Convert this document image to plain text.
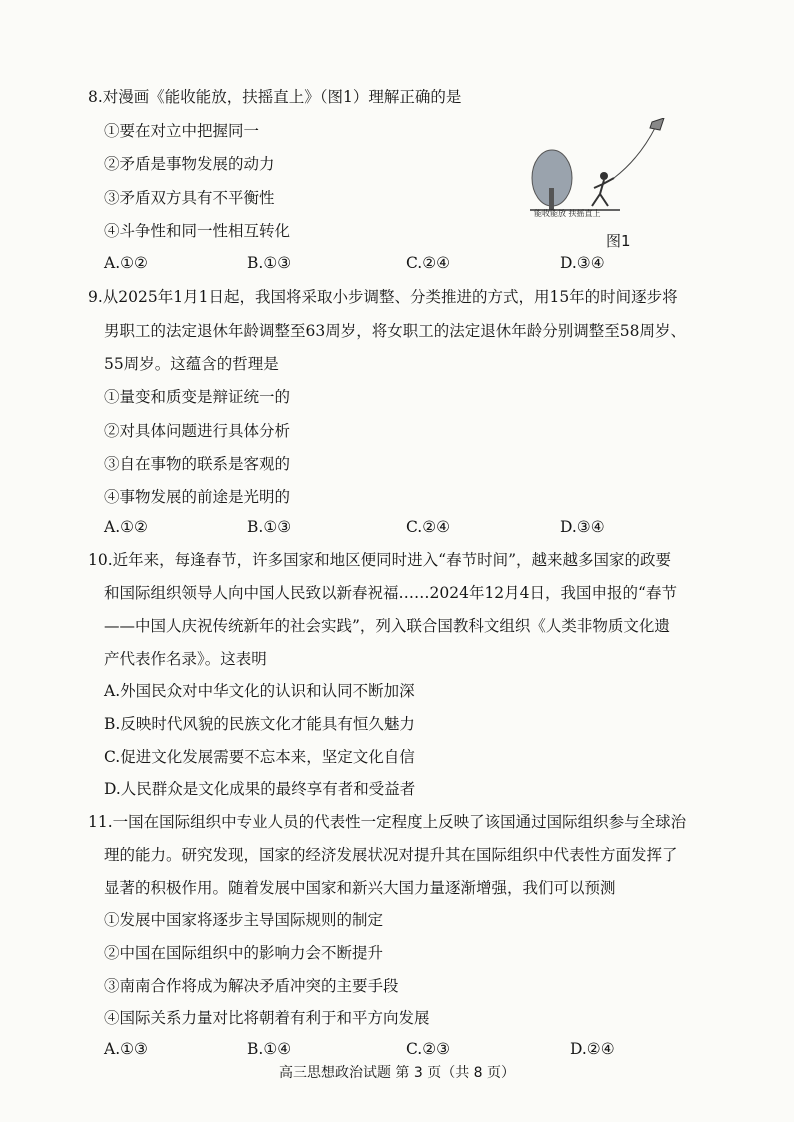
8.对漫画《能收能放，扶摇直上》（图1）理解正确的是
①要在对立中把握同一
②矛盾是事物发展的动力
③矛盾双方具有不平衡性
④斗争性和同一性相互转化
能收能放 扶摇直上
图1
A.①②	B.①③	C.②④	D.③④
9.从2025年1月1日起，我国将采取小步调整、分类推进的方式，用15年的时间逐步将
男职工的法定退休年龄调整至63周岁，将女职工的法定退休年龄分别调整至58周岁、
55周岁。这蕴含的哲理是
①量变和质变是辩证统一的
②对具体问题进行具体分析
③自在事物的联系是客观的
④事物发展的前途是光明的
A.①②	B.①③	C.②④	D.③④
10.近年来，每逢春节，许多国家和地区便同时进入“春节时间”，越来越多国家的政要
和国际组织领导人向中国人民致以新春祝福……2024年12月4日，我国申报的“春节
——中国人庆祝传统新年的社会实践”，列入联合国教科文组织《人类非物质文化遗
产代表作名录》。这表明
A.外国民众对中华文化的认识和认同不断加深
B.反映时代风貌的民族文化才能具有恒久魅力
C.促进文化发展需要不忘本来，坚定文化自信
D.人民群众是文化成果的最终享有者和受益者
11.一国在国际组织中专业人员的代表性一定程度上反映了该国通过国际组织参与全球治
理的能力。研究发现，国家的经济发展状况对提升其在国际组织中代表性方面发挥了
显著的积极作用。随着发展中国家和新兴大国力量逐渐增强，我们可以预测
①发展中国家将逐步主导国际规则的制定
②中国在国际组织中的影响力会不断提升
③南南合作将成为解决矛盾冲突的主要手段
④国际关系力量对比将朝着有利于和平方向发展
A.①③	B.①④	C.②③	D.②④
高三思想政治试题 第 3 页（共 8 页）
